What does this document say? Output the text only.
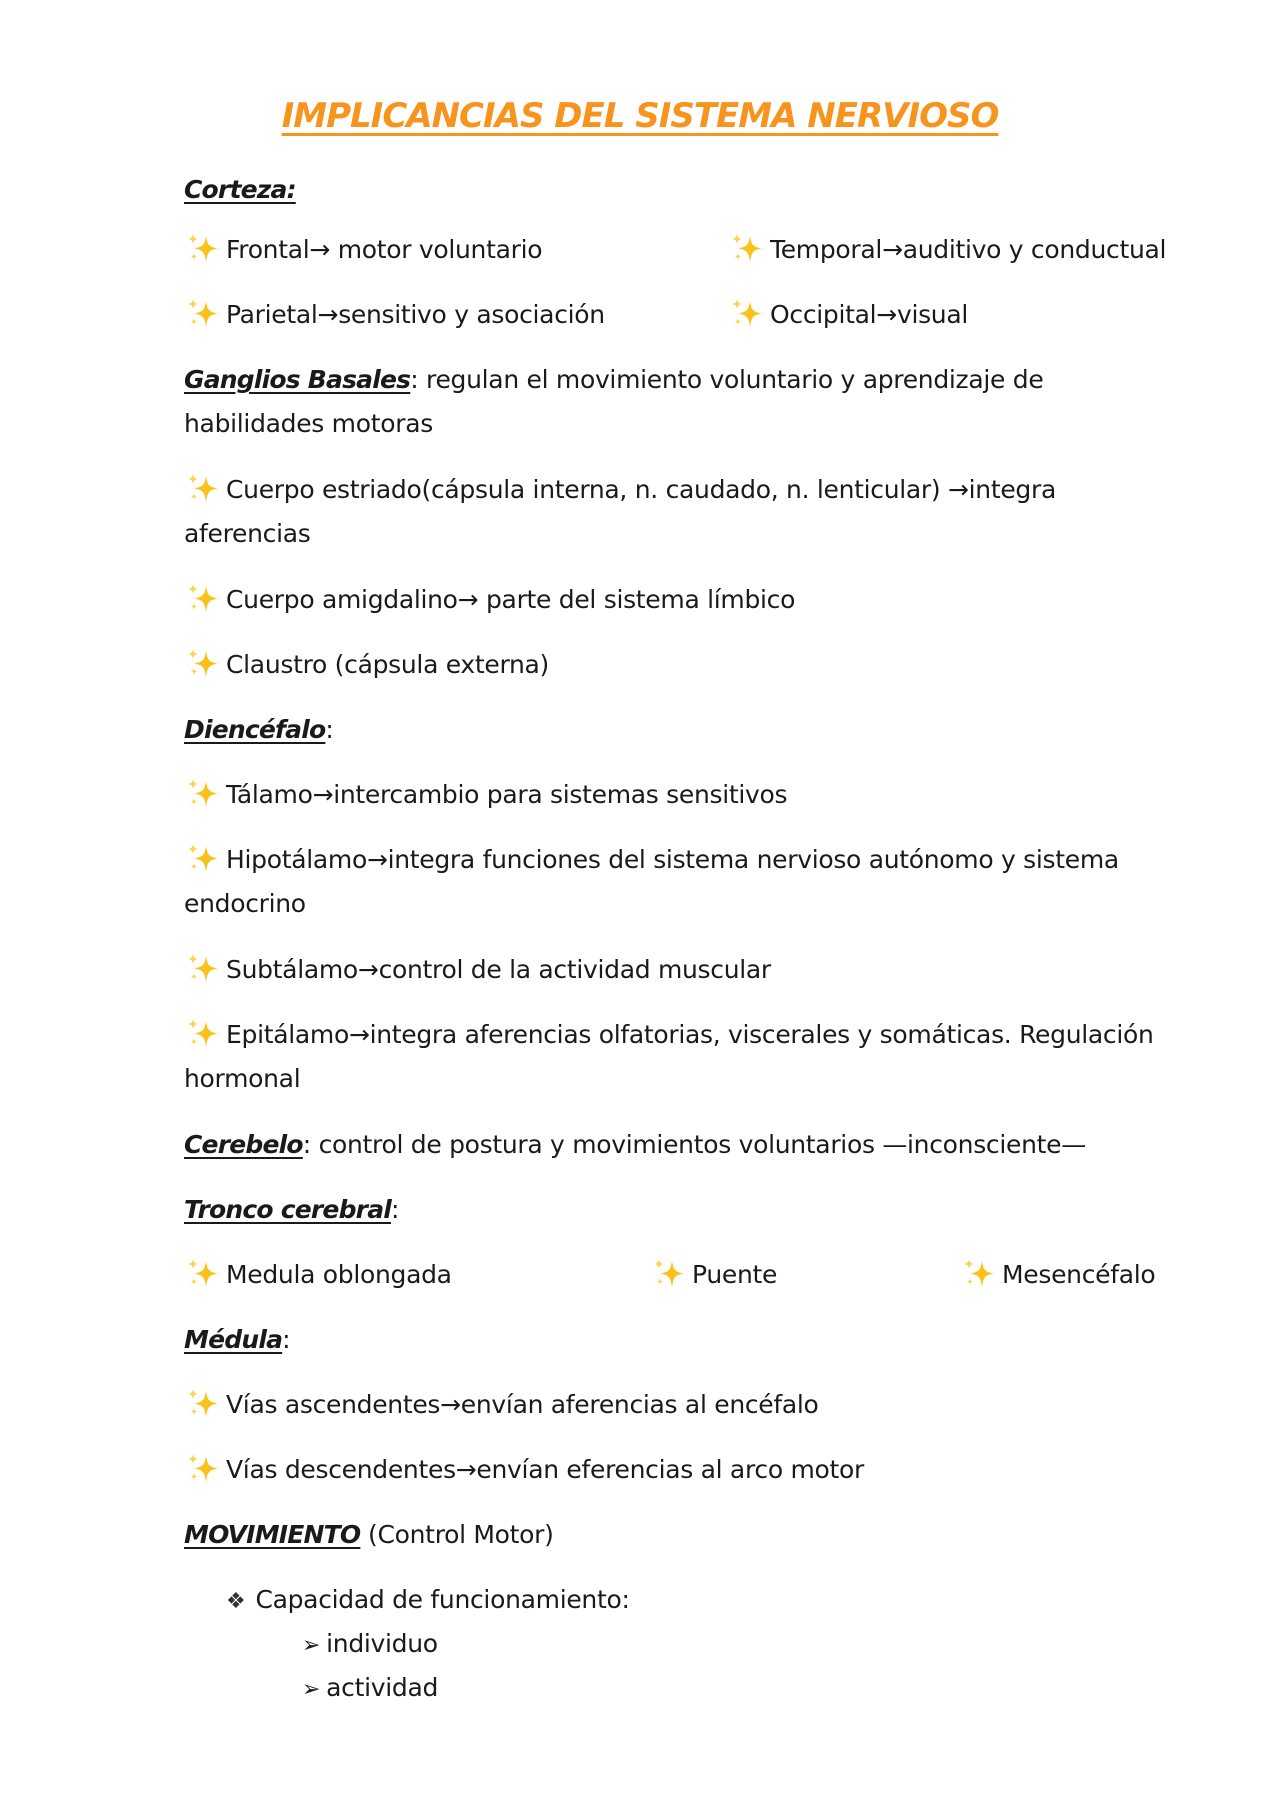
IMPLICANCIAS DEL SISTEMA NERVIOSO
Corteza:
Frontal→ motor voluntario	Temporal→auditivo y conductual
Parietal→sensitivo y asociación	Occipital→visual
Ganglios Basales: regulan el movimiento voluntario y aprendizaje de habilidades motoras
Cuerpo estriado(cápsula interna, n. caudado, n. lenticular) →integra aferencias
Cuerpo amigdalino→ parte del sistema límbico
Claustro (cápsula externa)
Diencéfalo:
Tálamo→intercambio para sistemas sensitivos
Hipotálamo→integra funciones del sistema nervioso autónomo y sistema endocrino
Subtálamo→control de la actividad muscular
Epitálamo→integra aferencias olfatorias, viscerales y somáticas. Regulación hormonal
Cerebelo: control de postura y movimientos voluntarios —inconsciente—
Tronco cerebral:
Medula oblongada	Puente	Mesencéfalo
Médula:
Vías ascendentes→envían aferencias al encéfalo
Vías descendentes→envían eferencias al arco motor
MOVIMIENTO (Control Motor)
❖ Capacidad de funcionamiento:
➢ individuo
➢ actividad
